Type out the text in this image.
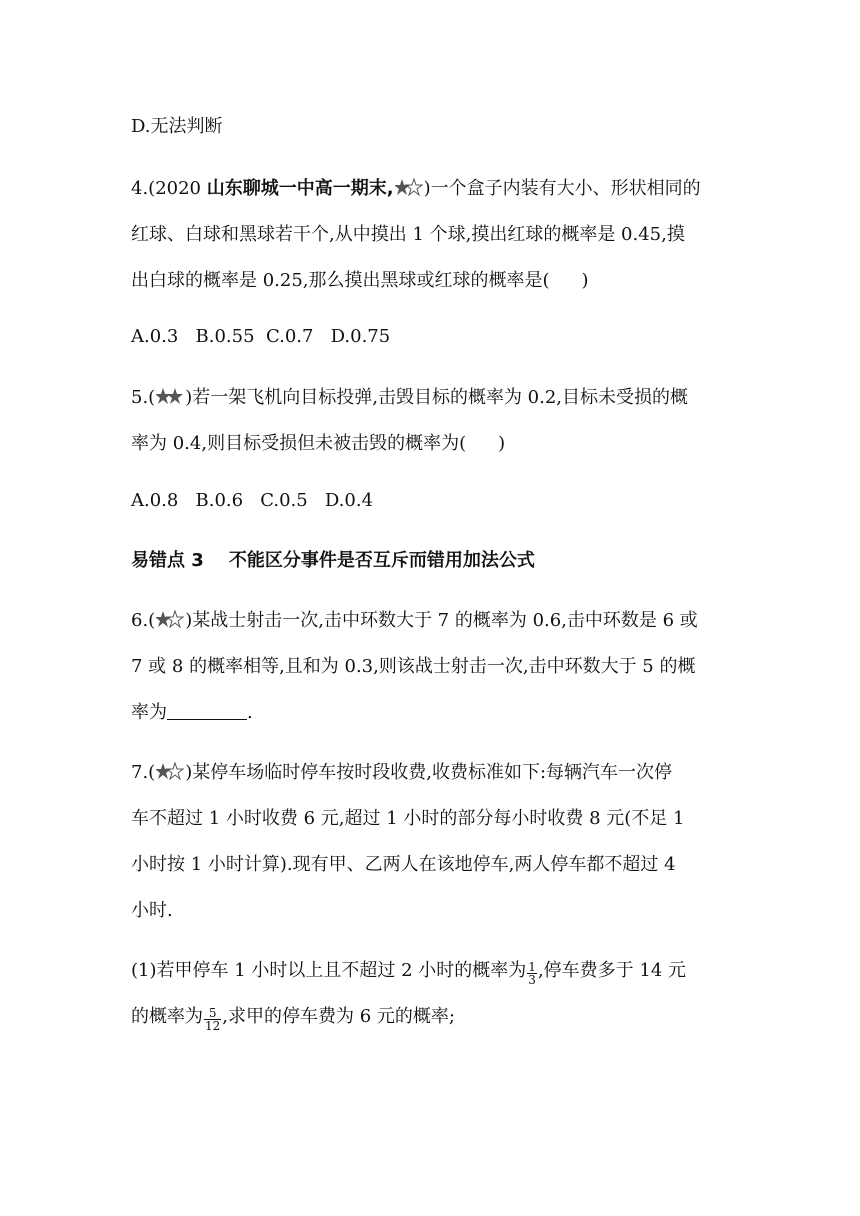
D.无法判断
4.(2020 山东聊城一中高一期末, )一个盒子内装有大小、形状相同的
红球、白球和黑球若干个,从中摸出 1 个球,摸出红球的概率是 0.45,摸
出白球的概率是 0.25,那么摸出黑球或红球的概率是( )
A.0.3   B.0.55  C.0.7   D.0.75
5.( )若一架飞机向目标投弹,击毁目标的概率为 0.2,目标未受损的概
率为 0.4,则目标受损但未被击毁的概率为( )
A.0.8   B.0.6   C.0.5   D.0.4
易错点 3    不能区分事件是否互斥而错用加法公式
6.( )某战士射击一次,击中环数大于 7 的概率为 0.6,击中环数是 6 或
7 或 8 的概率相等,且和为 0.3,则该战士射击一次,击中环数大于 5 的概
率为	.
7.( )某停车场临时停车按时段收费,收费标准如下:每辆汽车一次停
车不超过 1 小时收费 6 元,超过 1 小时的部分每小时收费 8 元(不足 1
小时按 1 小时计算).现有甲、乙两人在该地停车,两人停车都不超过 4
小时.
(1)若甲停车 1 小时以上且不超过 2 小时的概率为 $\frac{1}{3}$ ,停车费多于 14 元
的概率为 $\frac{5}{12}$ ,求甲的停车费为 6 元的概率;
